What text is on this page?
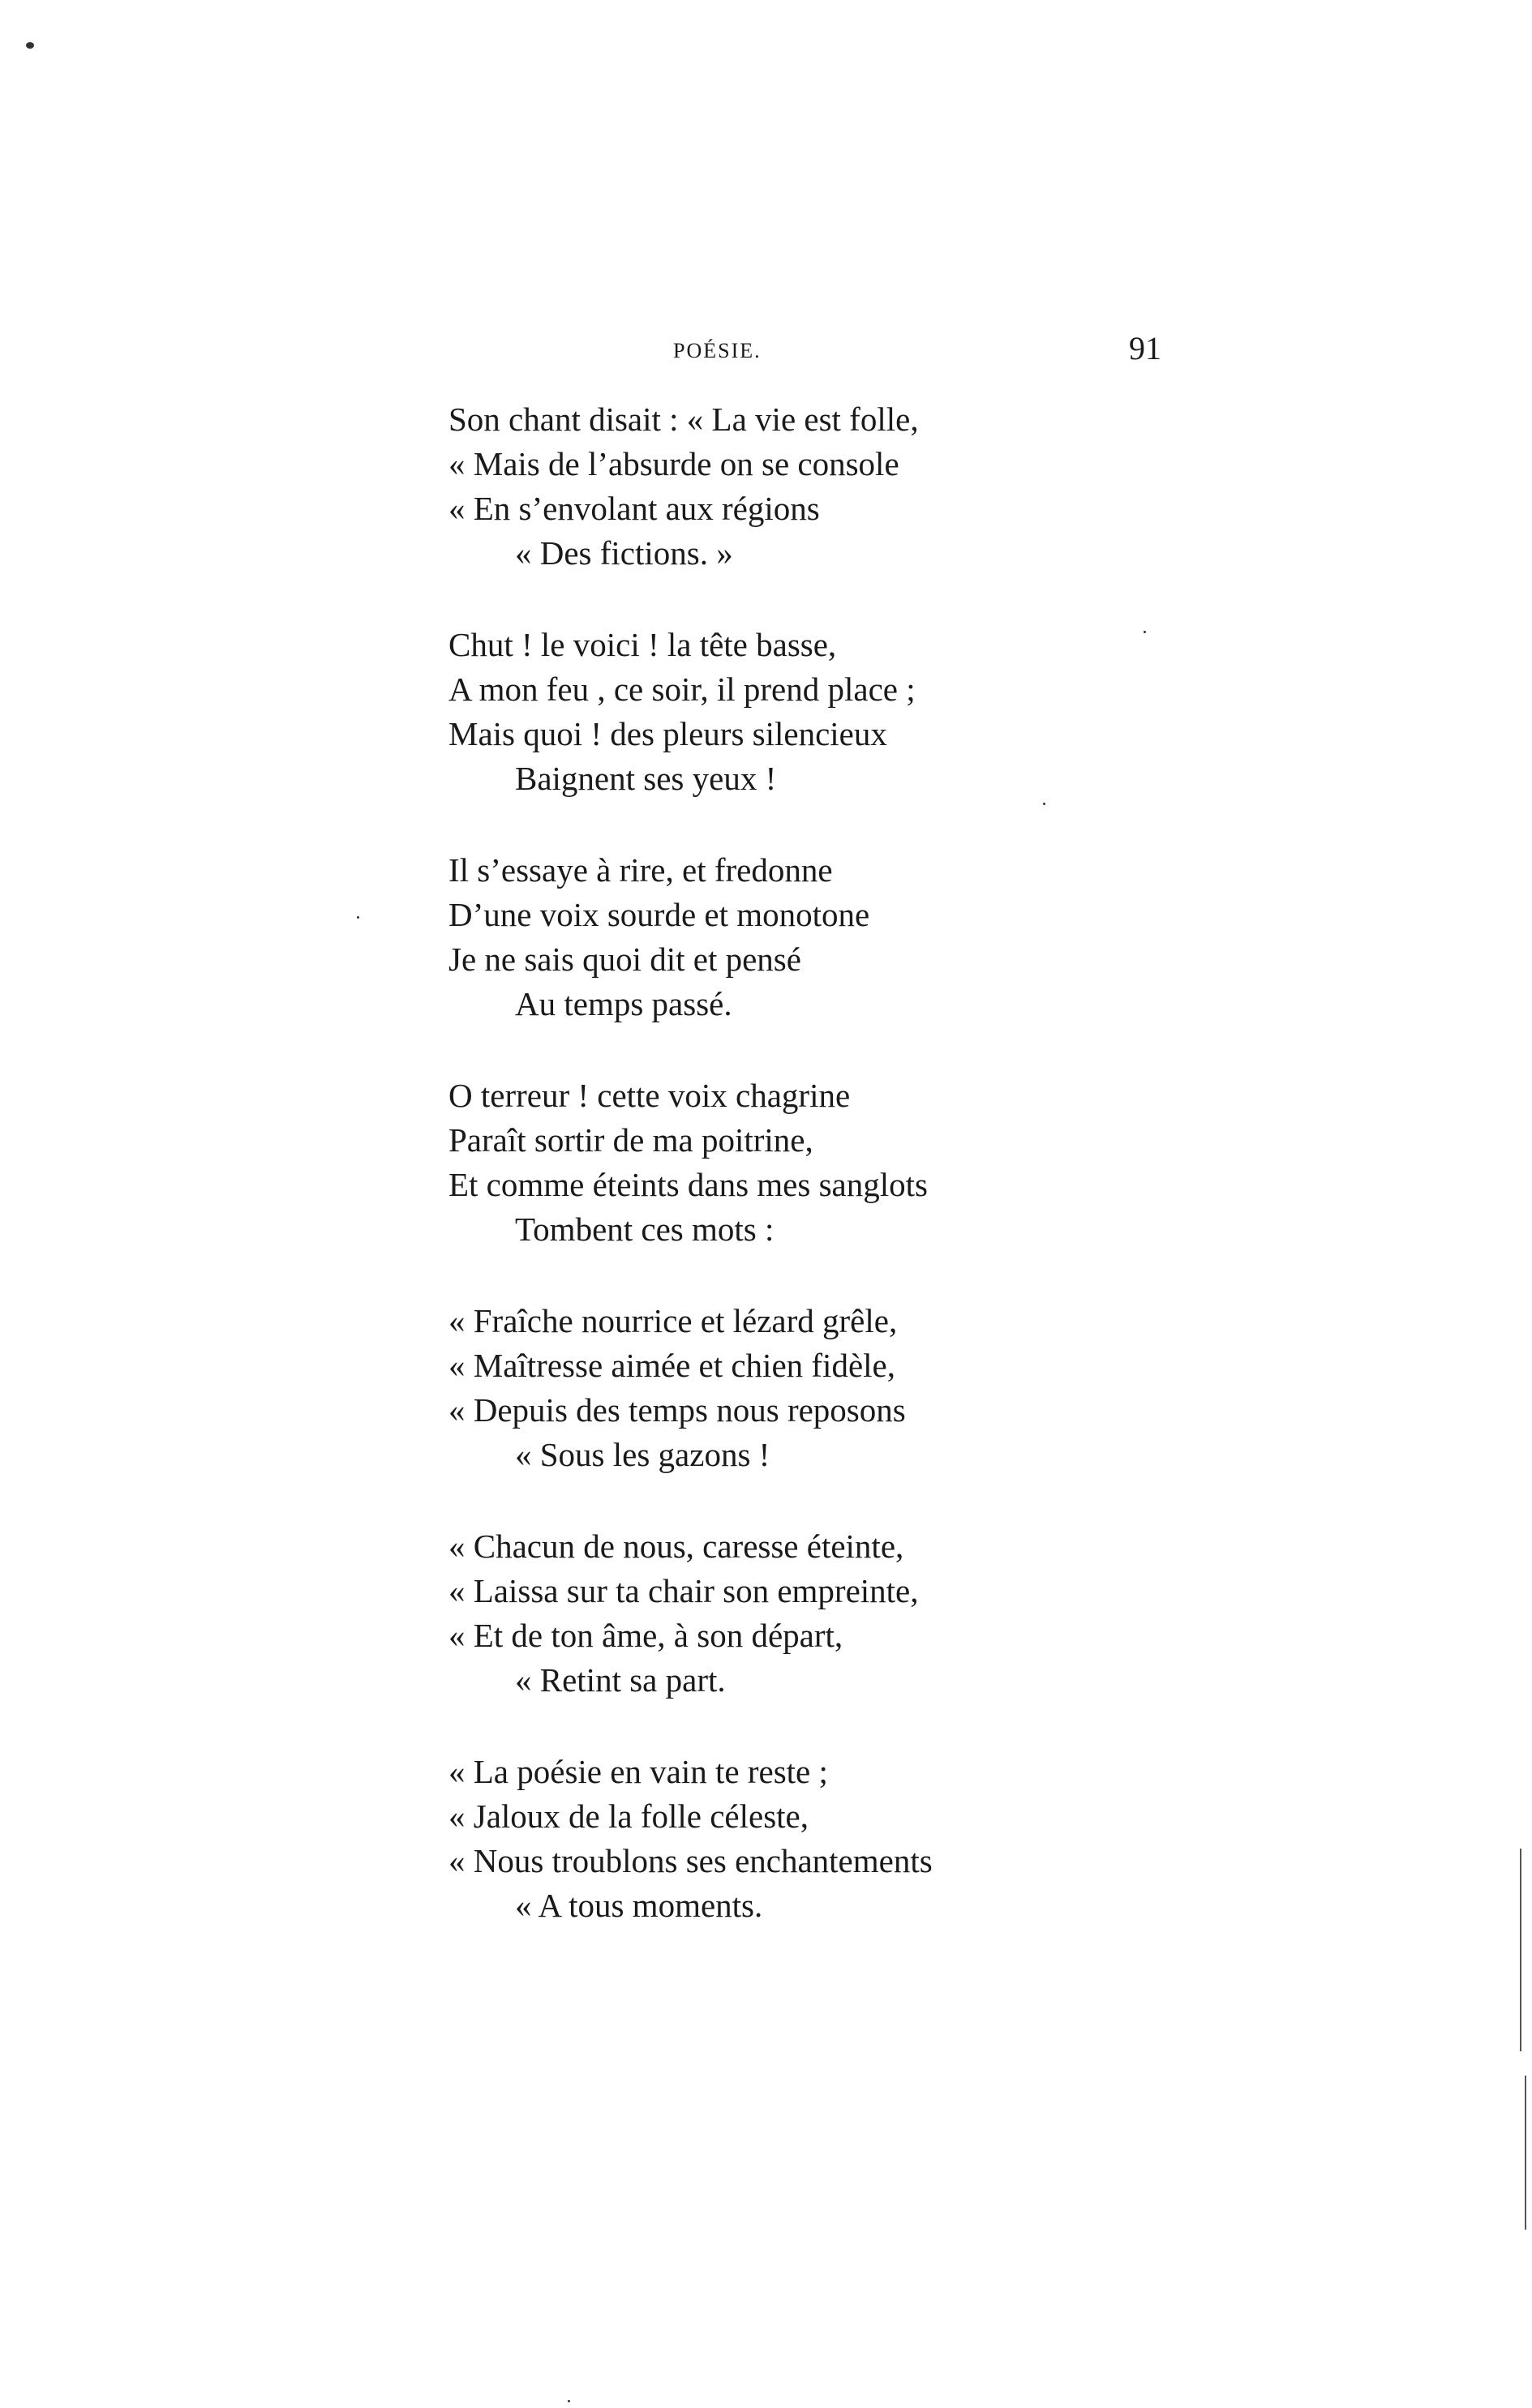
POÉSIE.	91
Son chant disait : « La vie est folle,
« Mais de l’absurde on se console
« En s’envolant aux régions
« Des fictions. »
Chut ! le voici ! la tête basse,
A mon feu , ce soir, il prend place ;
Mais quoi ! des pleurs silencieux
Baignent ses yeux !
Il s’essaye à rire, et fredonne
D’une voix sourde et monotone
Je ne sais quoi dit et pensé
Au temps passé.
O terreur ! cette voix chagrine
Paraît sortir de ma poitrine,
Et comme éteints dans mes sanglots
Tombent ces mots :
« Fraîche nourrice et lézard grêle,
« Maîtresse aimée et chien fidèle,
« Depuis des temps nous reposons
« Sous les gazons !
« Chacun de nous, caresse éteinte,
« Laissa sur ta chair son empreinte,
« Et de ton âme, à son départ,
« Retint sa part.
« La poésie en vain te reste ;
« Jaloux de la folle céleste,
« Nous troublons ses enchantements
« A tous moments.
